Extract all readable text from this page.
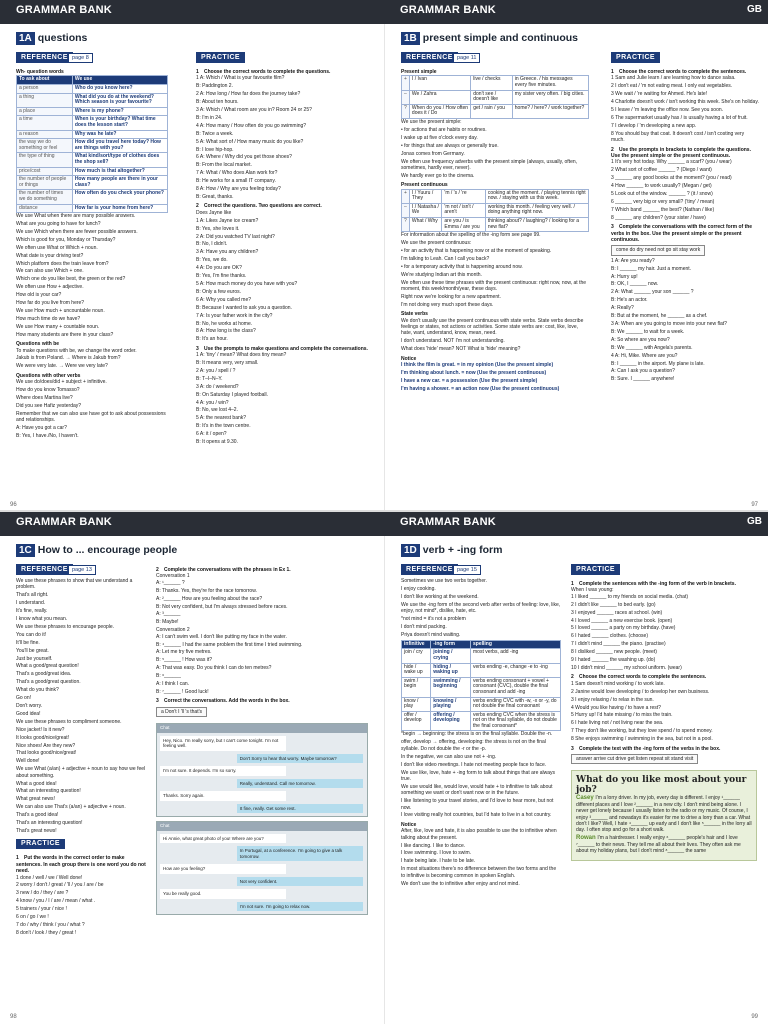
GRAMMAR BANK	GRAMMAR BANK	GB
1A questions
REFERENCE page 8
Wh- question words
To ask about	We use
a person	Who do you know here?
a thing	What did you do at the weekend? Which season is your favourite?
a place	Where is my phone?
a time	When is your birthday? What time does the lesson start?
a reason	Why was he late?
the way we do something or feel	How did you travel here today? How are things with you?
the type of thing	What kind/sort/type of clothes does the shop sell?
price/cost	How much is that altogether?
the number of people or things	How many people are there in your class?
the number of times we do something	How often do you check your phone?
distance	How far is your home from here?
We use What when there are many possible answers.
What are you going to have for lunch?
We use Which when there are fewer possible answers.
Which is good for you, Monday or Thursday?
We often use What or Which + noun.
What date is your driving test?
Which platform does the train leave from?
We can also use Which + one.
Which one do you like best, the green or the red?
We often use How + adjective.
How old is your car?
How far do you live from here?
We use How much + uncountable noun.
How much time do we have?
We use How many + countable noun.
How many students are there in your class?
Questions with be
To make questions with be, we change the word order.
Jakub is from Poland. → Where is Jakub from?
We were very late. → Were we very late?
Questions with other verbs
We use do/does/did + subject + infinitive.
How do you know Tomasso?
Where does Martina live?
Did you see Hafiz yesterday?
Remember that we can also use have got to ask about possessions and relationships.
A: Have you got a car?
B: Yes, I have./No, I haven't.
PRACTICE
1 Choose the correct words to complete the questions.
1 A: Which / What is your favourite film?
B: Paddington 2.
2 A: How long / How far does the journey take?
B: About ten hours.
3 A: Which / What room are you in? Room 24 or 25?
B: I'm in 24.
4 A: How many / How often do you go swimming?
B: Twice a week.
5 A: What sort of / How many music do you like?
B: I love hip-hop.
6 A: Where / Why did you get those shoes?
B: From the local market.
7 A: What / Who does Alan work for?
B: He works for a small IT company.
8 A: How / Why are you feeling today?
B: Great, thanks.
2 Correct the questions. Two questions are correct.
Does Jayne like
1 A: Likes Jayne ice cream?
B: Yes, she loves it.
2 A: Did you watched TV last night?
B: No, I didn't.
3 A: Have you any children?
B: Yes, we do.
4 A: Do you are OK?
B: Yes, I'm fine thanks.
5 A: How much money do you have with you?
B: Only a few euros.
6 A: Why you called me?
B: Because I wanted to ask you a question.
7 A: Is your father work in the city?
B: No, he works at home.
8 A: How long is the class?
B: It's an hour.
3 Use the prompts to make questions and complete the conversations.
1 A: 'tiny' / mean? What does tiny mean?
B: It means very, very small.
2 A: you / spell / ?
B: T–I–N–Y.
3 A: do / weekend?
B: On Saturday I played football.
4 A: you / win?
B: No, we lost 4–2.
5 A: the nearest bank?
B: It's in the town centre.
6 A: it / open?
B: It opens at 9.30.
96
1B present simple and continuous
REFERENCE page 11
Present simple
+	I / Ivan	live / checks	in Greece. / his messages every five minutes.
–	We / Zahra	don't see / doesn't like	my sister very often. / big cities.
?	When do you / How often does it / Do	get / rain / you	home? / here? / work together?
We use the present simple:
• for actions that are habits or routines.
I wake up at five o'clock every day.
• for things that are always or generally true.
Jonas comes from Germany.
We often use frequency adverbs with the present simple (always, usually, often, sometimes, hardly ever, never).
We hardly ever go to the cinema.
Present continuous
+	I / Yuuru / They	'm / 's / 're	cooking at the moment. / playing tennis right now. / staying with us this week.
–	I / Natasha / We	'm not / isn't / aren't	working this month. / feeling very well. / doing anything right now.
?	What / Why	are you / is Emma / are you	thinking about? / laughing? / looking for a new flat?
For information about the spelling of the -ing form see page 99.
We use the present continuous:
• for an activity that is happening now or at the moment of speaking.
I'm talking to Leah. Can I call you back?
• for a temporary activity that is happening around now.
We're studying Indian art this month.
We often use these time phrases with the present continuous: right now, now, at the moment, this week/month/year, these days.
Right now we're looking for a new apartment.
I'm not doing very much sport these days.
State verbs
We don't usually use the present continuous with state verbs. State verbs describe feelings or states, not actions or activities. Some state verbs are: cost, like, love, hate, want, understand, know, mean, need.
I don't understand. NOT I'm not understanding.
What does 'hide' mean? NOT What is 'hide' meaning?
Notice
I think the film is great. = in my opinion (Use the present simple)
I'm thinking about lunch. = now (Use the present continuous)
I have a new car. = a possession (Use the present simple)
I'm having a shower. = an action now (Use the present continuous)
PRACTICE
1 Choose the correct words to complete the sentences.
1 Sam and Julie learn / are learning how to dance salsa.
2 I don't eat / 'm not eating meat. I only eat vegetables.
3 We wait / 're waiting for Ahmed. He's late!
4 Charlotte doesn't work / isn't working this week. She's on holiday.
5 I leave / 'm leaving the office now. See you soon.
6 The supermarket usually has / is usually having a lot of fruit.
7 I develop / 'm developing a new app.
8 You should buy that coat. It doesn't cost / isn't costing very much.
2 Use the prompts in brackets to complete the questions. Use the present simple or the present continuous.
1 It's very hot today. Why ______ a scarf? (you / wear)
2 What sort of coffee ______ ? (Diego / want)
3 ______ any good books at the moment? (you / read)
4 How ______ to work usually? (Megan / get)
5 Look out of the window. ______ ? (it / snow)
6 ______ very big or very small? ('tiny' / mean)
7 Which band ______ the best? (Nathan / like)
8 ______ any children? (your sister / have)
3 Complete the conversations with the correct form of the verbs in the box. Use the present simple or the present continuous.
come do dry need not go sit stay work
1 A: Are you ready?
B: I ______ my hair. Just a moment.
A: Hurry up!
B: OK, I ______ now.
2 A: What ______ your son ______ ?
B: He's an actor.
A: Really?
B: But at the moment, he ______ as a chef.
3 A: When are you going to move into your new flat?
B: We ______ to wait for a week.
A: So where are you now?
B: We ______ with Angela's parents.
4 A: Hi, Mike. Where are you?
B: I ______ in the airport. My plane is late.
A: Can I ask you a question?
B: Sure. I ______ anywhere!
97
GRAMMAR BANK	GRAMMAR BANK	GB
1C How to ... encourage people
REFERENCE page 13
We use these phrases to show that we understand a problem.
That's all right.
I understand.
It's fine, really.
I know what you mean.
We use these phrases to encourage people.
You can do it!
It'll be fine.
You'll be great.
Just be yourself.
What a good/great question!
That's a good/great idea.
That's a good/great question.
What do you think?
Go on!
Don't worry.
Good idea!
We use these phrases to compliment someone.
Nice jacket! Is it new?
It looks good/nice/great!
Nice shoes! Are they new?
That looks good/nice/great!
Well done!
We use What (a/an) + adjective + noun to say how we feel about something.
What a good idea!
What an interesting question!
What great news!
We can also use That's (a/an) + adjective + noun.
That's a good idea!
That's an interesting question!
That's great news!
PRACTICE
1 Put the words in the correct order to make sentences. In each group there is one word you do not need.
1 done / well / we / Well done!
2 worry / don't / great / 'll / you / are / be
3 new / do / they / are ?
4 know / you / I / are / mean / what .
5 trainers / your / nice !
6 on / go / we !
7 do / why / think / you / what ?
8 don't / look / they / great !
2 Complete the conversations with the phrases in Ex 1.
Conversation 1
A: ¹______ ?
B: Thanks. Yes, they're for the race tomorrow.
A: ²______ How are you feeling about the race?
B: Not very confident, but I'm always stressed before races.
A: ³______
B: Maybe!
Conversation 2
A: I can't swim well. I don't like putting my face in the water.
B: ⁴______ I had the same problem the first time I tried swimming.
A: Let me try five metres.
B: ⁵______ ! How was it?
A: That was easy. Do you think I can do ten metres?
B: ⁶______
A: I think I can.
B: ⁷______ ! Good luck!
3 Correct the conversations. Add the words in the box.
a Don't I 'll 's that's
Chat
Hey, Nico. I'm really sorry, but I can't come tonight. I'm not feeling well.
Don't Sorry to hear that worry. Maybe tomorrow?
I'm not sure. It depends. I'm so sorry.
Really, understand. Call me tomorrow.
Thanks. Sorry again.
It fine, really. Get some rest.
Chat
Hi Annie, what great photo of you! Where are you?
In Portugal, at a conference. I'm going to give a talk tomorrow.
How are you feeling?
Not very confident.
You be really good.
I'm not sure. I'm going to relax now.
98
1D verb + -ing form
REFERENCE page 15
Sometimes we use two verbs together.
I enjoy cooking.
I don't like working at the weekend.
We use the -ing form of the second verb after verbs of feeling: love, like, enjoy, not mind*, dislike, hate, etc.
*not mind = it's not a problem
I don't mind packing.
Priya doesn't mind waiting.
infinitive	-ing form	spelling
join / cry	joining / crying	most verbs, add -ing
hide / wake up	hiding / waking up	verbs ending -e, change -e to -ing
swim / begin	swimming / beginning	verbs ending consonant + vowel + consonant (CVC), double the final consonant and add -ing
know / play	knowing / playing	verbs ending CVC with -w, -x or -y, do not double the final consonant
offer / develop	offering / developing	verbs ending CVC when the stress is not on the final syllable, do not double the final consonant*
*begin → beginning: the stress is on the final syllable. Double the -n.
offer, develop → offering, developing: the stress is not on the final syllable. Do not double the -r or the -p.
In the negative, we can also use not + -ing.
I don't like video meetings. I hate not meeting people face to face.
We use like, love, hate + -ing form to talk about things that are always true.
We use would like, would love, would hate + to infinitive to talk about something we want or don't want now or in the future.
I like listening to your travel stories, and I'd love to hear more, but not now.
I love visiting really hot countries, but I'd hate to live in a hot country.
Notice
After, like, love and hate, it is also possible to use the to infinitive when talking about the present.
I like dancing. I like to dance.
I love swimming. I love to swim.
I hate being late. I hate to be late.
In most situations there's no difference between the two forms and the to infinitive is becoming common in spoken English.
We don't use the to infinitive after enjoy and not mind.
PRACTICE
1 Complete the sentences with the -ing form of the verb in brackets.
When I was young:
1 I liked ______ to my friends on social media. (chat)
2 I didn't like ______ to bed early. (go)
3 I enjoyed ______ races at school. (win)
4 I loved ______ a new exercise book. (open)
5 I loved ______ a party on my birthday. (have)
6 I hated ______ clothes. (choose)
7 I didn't mind ______ the piano. (practise)
8 I disliked ______ new people. (meet)
9 I hated ______ the washing up. (do)
10 I didn't mind ______ my school uniform. (wear)
2 Choose the correct words to complete the sentences.
1 Sam doesn't mind working / to work late.
2 Janine would love developing / to develop her own business.
3 I enjoy relaxing / to relax in the sun.
4 Would you like having / to have a rest?
5 Hurry up! I'd hate missing / to miss the train.
6 I hate living not / not living near the sea.
7 They don't like working, but they love spend / to spend money.
8 She enjoys swimming / swimming in the sea, but not in a pool.
3 Complete the text with the -ing form of the verbs in the box.
answer arrive cut drive get listen repeat sit stand visit
What do you like most about your job?
Casey I'm a lorry driver. In my job, every day is different. I enjoy ¹______ different places and I love ²______ in a new city. I don't mind being alone. I never get lonely because I usually listen to the radio or my music. Of course, I enjoy ³______ and nowadays it's easier for me to drive a lorry than a car. What don't I like? Well, I hate ⁴______ up early and I don't like ⁵______ in the lorry all day. I often stop and go for a short walk.
Rowan I'm a hairdresser. I really enjoy ⁶______ people's hair and I love ⁷______ to their news. They tell me all about their lives. They often ask me about my holiday plans, but I don't mind ⁸______ the same
99
